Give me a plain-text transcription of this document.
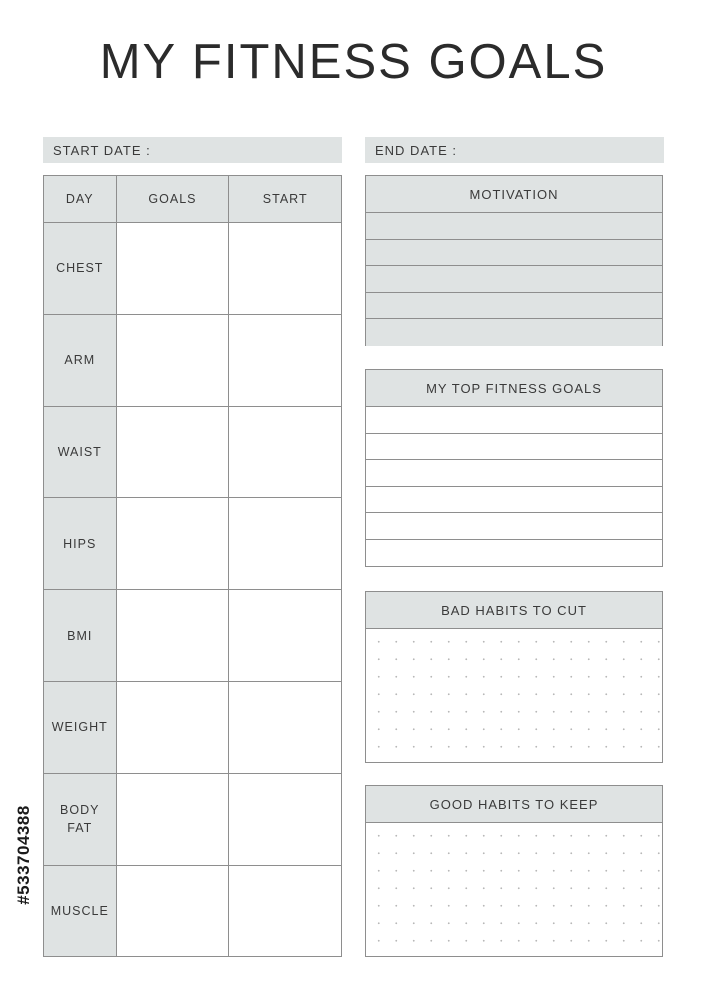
MY FITNESS GOALS
START DATE :	END DATE :
DAY	GOALS	START
CHEST		
ARM		
WAIST		
HIPS		
BMI		
WEIGHT		
BODY FAT		
MUSCLE		
MOTIVATION
MY TOP FITNESS GOALS
BAD HABITS TO CUT
GOOD HABITS TO KEEP
#533704388
